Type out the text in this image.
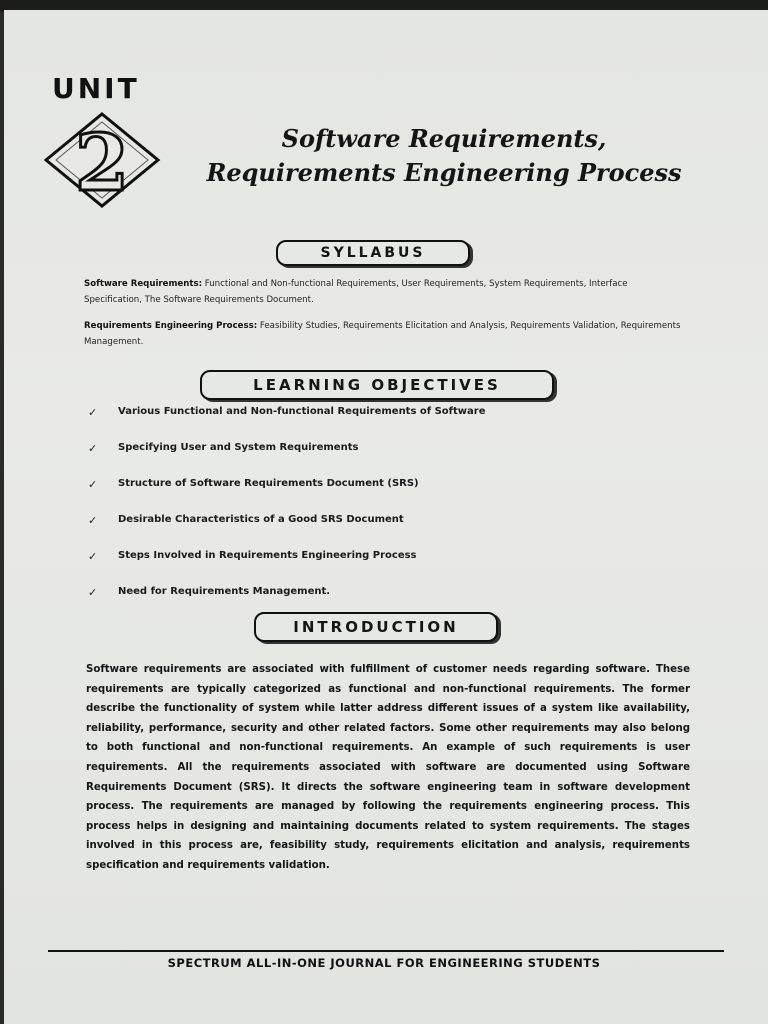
UNIT
2	Software Requirements,
Requirements Engineering Process
SYLLABUS
Software Requirements: Functional and Non-functional Requirements, User Requirements, System Requirements, Interface Specification, The Software Requirements Document.
Requirements Engineering Process: Feasibility Studies, Requirements Elicitation and Analysis, Requirements Validation, Requirements Management.
LEARNING OBJECTIVES
✓	Various Functional and Non-functional Requirements of Software
✓	Specifying User and System Requirements
✓	Structure of Software Requirements Document (SRS)
✓	Desirable Characteristics of a Good SRS Document
✓	Steps Involved in Requirements Engineering Process
✓	Need for Requirements Management.
INTRODUCTION
Software requirements are associated with fulfillment of customer needs regarding software. These requirements are typically categorized as functional and non-functional requirements. The former describe the functionality of system while latter address different issues of a system like availability, reliability, performance, security and other related factors. Some other requirements may also belong to both functional and non-functional requirements. An example of such requirements is user requirements. All the requirements associated with software are documented using Software Requirements Document (SRS). It directs the software engineering team in software development process. The requirements are managed by following the requirements engineering process. This process helps in designing and maintaining documents related to system requirements. The stages involved in this process are, feasibility study, requirements elicitation and analysis, requirements specification and requirements validation.
SPECTRUM ALL-IN-ONE JOURNAL FOR ENGINEERING STUDENTS
